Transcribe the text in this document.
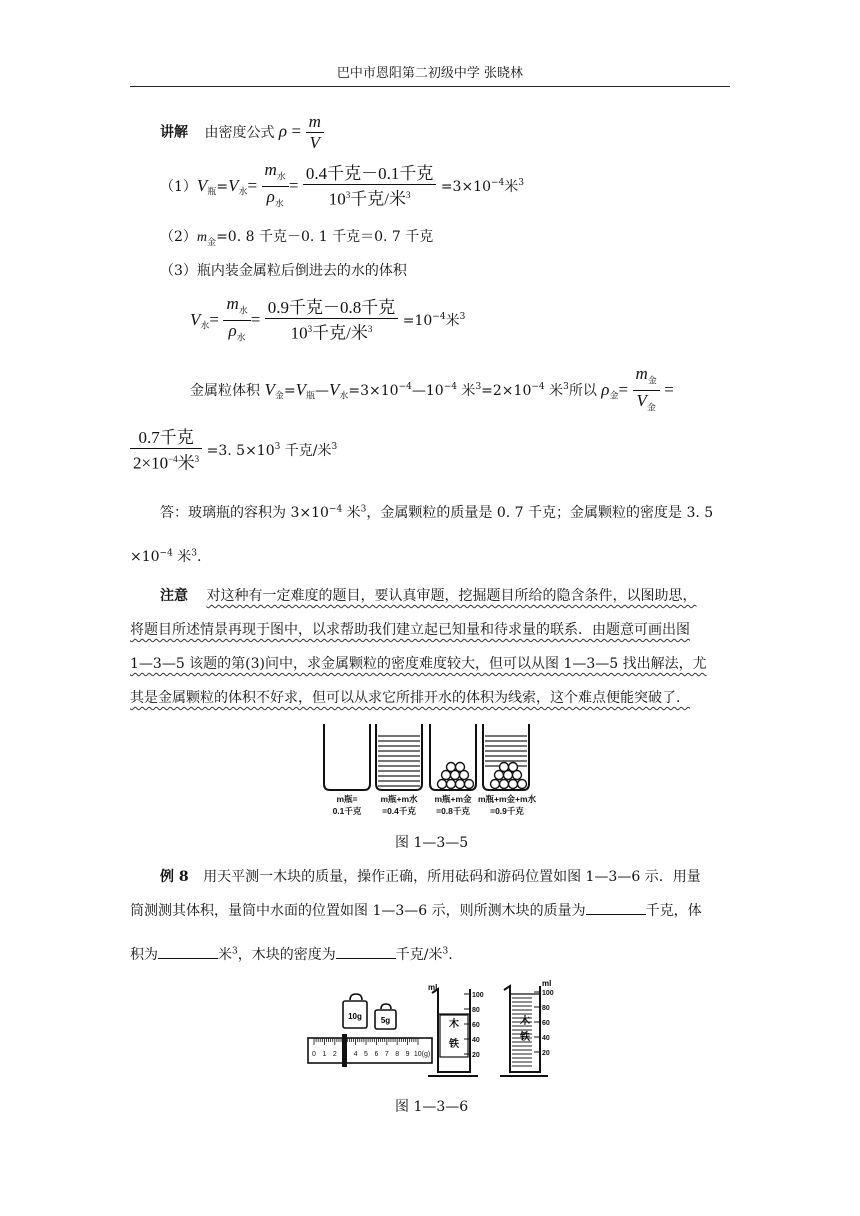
巴中市恩阳第二初级中学 张晓林
讲解 由密度公式 $\rho = \frac{m}{V}$
$(1)V_瓶=V_水= \frac{m_水}{\rho_水} = \frac{\text{0.4千克－0.1千克}}{10^3千克/米^3} =3\times 10^{-4}$米$^3$
$(2)m_金=0$. 8 千克－0. 1 千克＝0. 7 千克
（3）瓶内装金属粒后倒进去的水的体积
$V_水= \frac{m_水}{\rho_水} = \frac{\text{0.9千克－0.8千克}}{10^3千克/米^3} =10^{-4}$米$^3$
金属粒体积 $V_金=V_瓶—V_水=3\times 10^{-4}—10^{-4}$ 米$^3=2\times 10^{-4}$ 米$^3$所以 $\rho_金= \frac{m_金}{V_金}$ =
$\frac{\text{0.7千克}}{2\times 10^{-4}米^3} =3$. $5\times 10^3$ 千克/米$^3$
答：玻璃瓶的容积为 $3\times 10^{-4}$ 米$^3$，金属颗粒的质量是 0. 7 千克；金属颗粒的密度是 3. 5
$\times 10^{-4}$ 米$^3$.
注意 对这种有一定难度的题目，要认真审题，挖掘题目所给的隐含条件，以图助思，
将题目所述情景再现于图中，以求帮助我们建立起已知量和待求量的联系．由题意可画出图
1—3—5 该题的第(3)问中，求金属颗粒的密度难度较大，但可以从图 1—3—5 找出解法，尤
其是金属颗粒的体积不好求，但可以从求它所排开水的体积为线索，这个难点便能突破了．
m瓶=
0.1千克
m瓶+m水
=0.4千克
m瓶+m金
=0.8千克
m瓶+m金+m水
=0.9千克
图 1—3—5
例 8 用天平测一木块的质量，操作正确，所用砝码和游码位置如图 1—3—6 示．用量
筒测测其体积，量筒中水面的位置如图 1—3—6 示，则所测木块的质量为	千克，体
积为	米$^3$，木块的密度为	千克/米$^3$.
10g 5g
0 1 2 4 5 6 7 8 9 10(g)
ml
100
80
60
40
20
木
铁
ml
100
80
60
40
20
木
铁
图 1—3—6
